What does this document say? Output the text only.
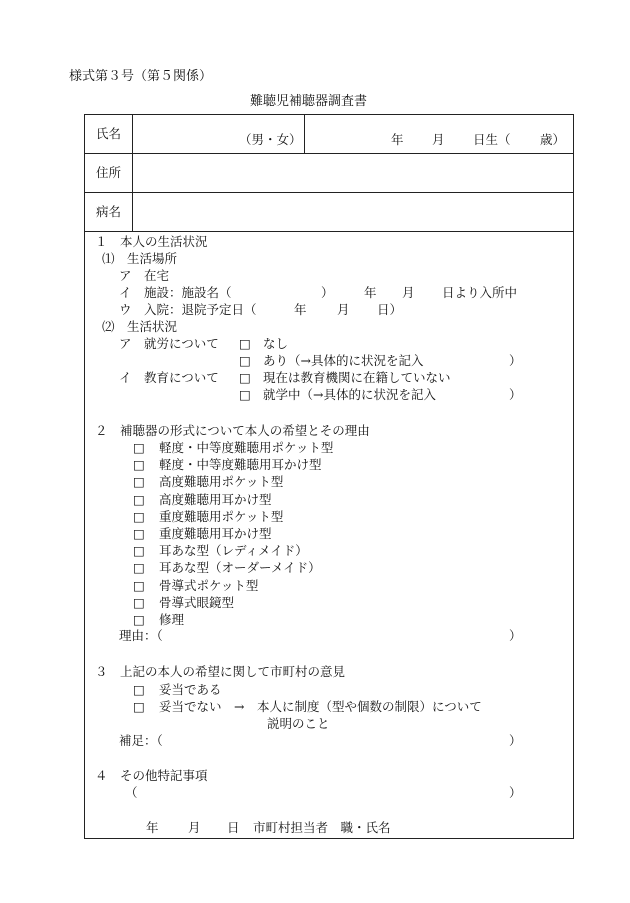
様式第３号（第５関係）
難聴児補聴器調査書
氏名	（男・女）	年 月 日生（ 歳）
住所
病名
１　本人の生活状況
⑴　生活場所
ア　在宅
イ　施設：施設名（	） 年 月 日より入所中
ウ　入院：退院予定日（	年 月 日）
⑵　生活状況
ア　就労について □ なし
□ あり（→具体的に状況を記入	）
イ　教育について □ 現在は教育機関に在籍していない
□ 就学中（→具体的に状況を記入	）
２　補聴器の形式について本人の希望とその理由
□ 軽度・中等度難聴用ポケット型
□ 軽度・中等度難聴用耳かけ型
□ 高度難聴用ポケット型
□ 高度難聴用耳かけ型
□ 重度難聴用ポケット型
□ 重度難聴用耳かけ型
□ 耳あな型（レディメイド）
□ 耳あな型（オーダーメイド）
□ 骨導式ポケット型
□ 骨導式眼鏡型
□ 修理
理由：（	）
３　上記の本人の希望に関して市町村の意見
□ 妥当である
□ 妥当でない　→　本人に制度（型や個数の制限）について
説明のこと
補足：（	）
４　その他特記事項
（	）
年 月 日 市町村担当者　職・氏名
